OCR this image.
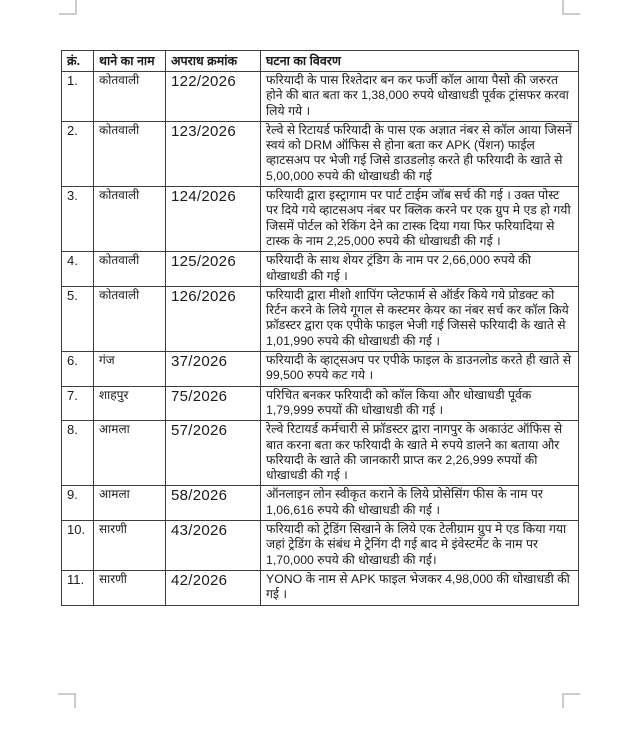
क्रं.	थाने का नाम	अपराध क्रमांक	घटना का विवरण
1.	कोतवाली	122/2026	फरियादी के पास रिश्तेदार बन कर फर्जी कॉल आया पैसो की जरुरत होने की बात बता कर 1,38,000 रुपये धोखाधडी पूर्वक ट्रांसफर करवा लिये गये ।
2.	कोतवाली	123/2026	रेल्वे से रिटायर्ड फरियादी के पास एक अज्ञात नंबर से कॉल आया जिसनें स्वयं को DRM ऑफिस से होना बता कर APK (पेंशन) फाईल व्हाटसअप पर भेजी गई जिसे डाउडलोड़ करते ही फरियादी के खाते से 5,00,000 रुपये की धोखाधडी की गई
3.	कोतवाली	124/2026	फरियादी द्वारा इस्ट्रागाम पर पार्ट टाईम जॉब सर्च की गई । उक्त पोस्ट पर दिये गये व्हाटसअप नंबर पर क्लिक करने पर एक ग्रुप मे एड हो गयी जिसमें पोर्टल को रेकिंग देने का टास्क दिया गया फिर फरियादिया से टास्क के नाम 2,25,000 रुपये की धोखाधडी की गई ।
4.	कोतवाली	125/2026	फरियादी के साथ शेयर ट्रंडिग के नाम पर 2,66,000 रुपये की धोखाधडी की गई ।
5.	कोतवाली	126/2026	फरियादी द्वारा मीशो शापिंग प्लेटफार्म से ऑर्डर किये गये प्रोडक्ट को रिर्टन करने के लिये गूगल से कस्टमर केयर का नंबर सर्च कर कॉल किये फ्रॉडस्टर द्वारा एक एपीके फाइल भेजी गई जिससे फरियादी के खाते से 1,01,990 रुपये की धोखाधडी की गई ।
6.	गंज	37/2026	फरियादी के व्हाट्सअप पर एपीके फाइल के डाउनलोड करते ही खाते से 99,500 रुपये कट गये ।
7.	शाहपुर	75/2026	परिचित बनकर फरियादी को कॉल किया और धोखाधडी पूर्वक 1,79,999 रुपयों की धोखाधडी की गई ।
8.	आमला	57/2026	रेल्वे रिटायर्ड कर्मचारी से फ्रॉडस्टर द्वारा नागपुर के अकाउंट ऑफिस से बात करना बता कर फरियादी के खाते मे रुपये डालने का बताया और फरियादी के खाते की जानकारी प्राप्त कर 2,26,999 रुपयों की धोखाधडी की गई ।
9.	आमला	58/2026	ऑनलाइन लोन स्वीकृत कराने के लिये प्रोसेसिंग फीस के नाम पर 1,06,616 रुपये की धोखाधडी की गई ।
10.	सारणी	43/2026	फरियादी को ट्रेडिंग सिखाने के लिये एक टेलीग्राम ग्रुप मे एड किया गया जहां ट्रेडिंग के संबंध मे ट्रेनिंग दी गई बाद मे इंवेस्टमेंट के नाम पर 1,70,000 रुपये की धोखाधडी की गई।
11.	सारणी	42/2026	YONO के नाम से APK फाइल भेजकर 4,98,000 की धोखाधडी की गई ।
